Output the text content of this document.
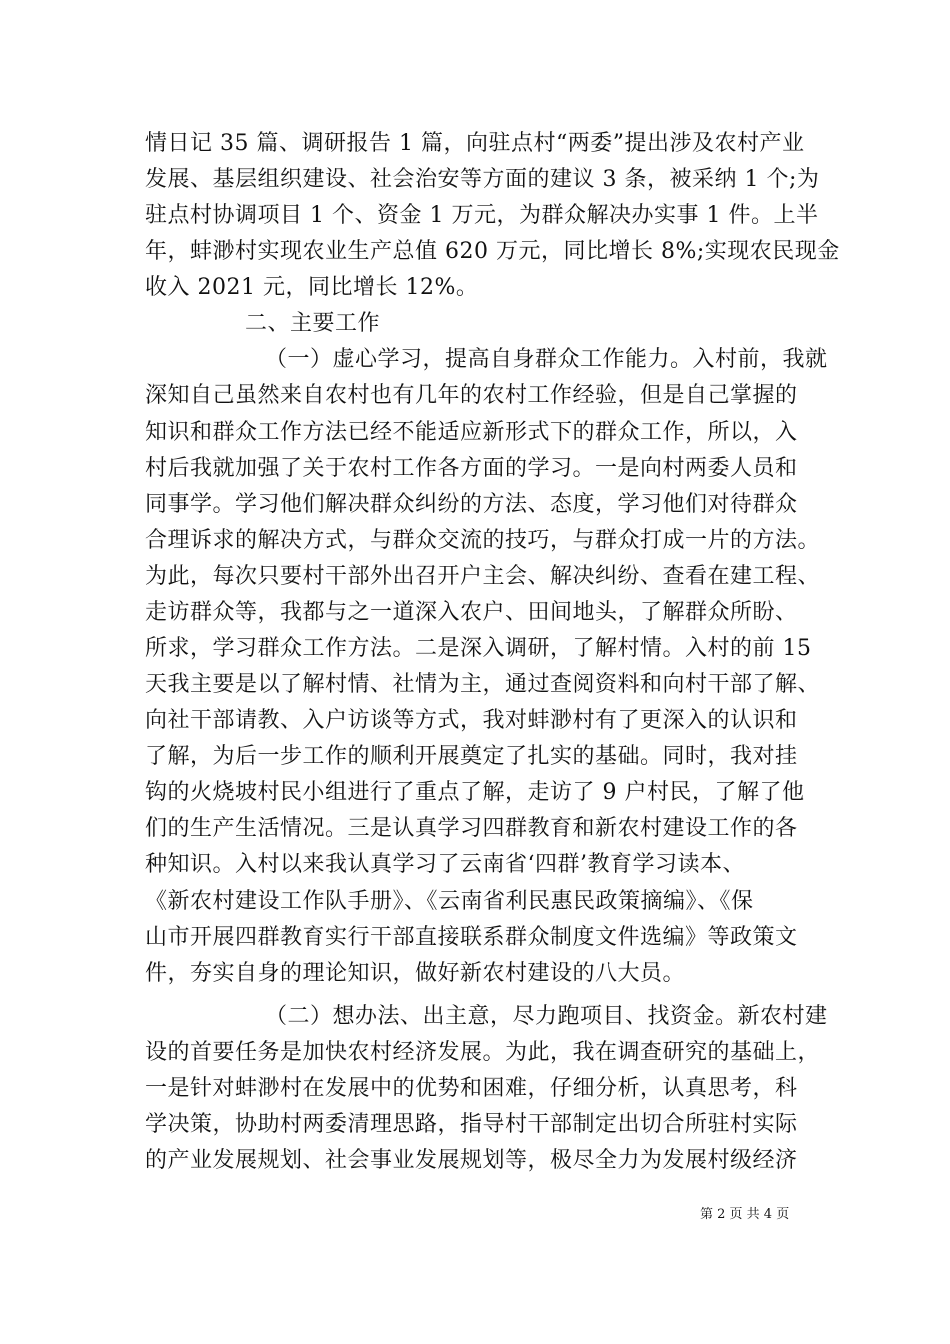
情日记 35 篇、调研报告 1 篇，向驻点村“两委”提出涉及农村产业
发展、基层组织建设、社会治安等方面的建议 3 条，被采纳 1 个;为
驻点村协调项目 1 个、资金 1 万元，为群众解决办实事 1 件。上半
年，蚌渺村实现农业生产总值 620 万元，同比增长 8%;实现农民现金
收入 2021 元，同比增长 12%。
二、主要工作
（一）虚心学习，提高自身群众工作能力。入村前，我就
深知自己虽然来自农村也有几年的农村工作经验，但是自己掌握的
知识和群众工作方法已经不能适应新形式下的群众工作，所以，入
村后我就加强了关于农村工作各方面的学习。一是向村两委人员和
同事学。学习他们解决群众纠纷的方法、态度，学习他们对待群众
合理诉求的解决方式，与群众交流的技巧，与群众打成一片的方法。
为此，每次只要村干部外出召开户主会、解决纠纷、查看在建工程、
走访群众等，我都与之一道深入农户、田间地头，了解群众所盼、
所求，学习群众工作方法。二是深入调研，了解村情。入村的前 15
天我主要是以了解村情、社情为主，通过查阅资料和向村干部了解、
向社干部请教、入户访谈等方式，我对蚌渺村有了更深入的认识和
了解，为后一步工作的顺利开展奠定了扎实的基础。同时，我对挂
钩的火烧坡村民小组进行了重点了解，走访了 9 户村民，了解了他
们的生产生活情况。三是认真学习四群教育和新农村建设工作的各
种知识。入村以来我认真学习了云南省‘四群’教育学习读本、
《新农村建设工作队手册》、《云南省利民惠民政策摘编》、《保
山市开展四群教育实行干部直接联系群众制度文件选编》等政策文
件，夯实自身的理论知识，做好新农村建设的八大员。
（二）想办法、出主意，尽力跑项目、找资金。新农村建
设的首要任务是加快农村经济发展。为此，我在调查研究的基础上，
一是针对蚌渺村在发展中的优势和困难，仔细分析，认真思考，科
学决策，协助村两委清理思路，指导村干部制定出切合所驻村实际
的产业发展规划、社会事业发展规划等，极尽全力为发展村级经济
第 2 页 共 4 页
